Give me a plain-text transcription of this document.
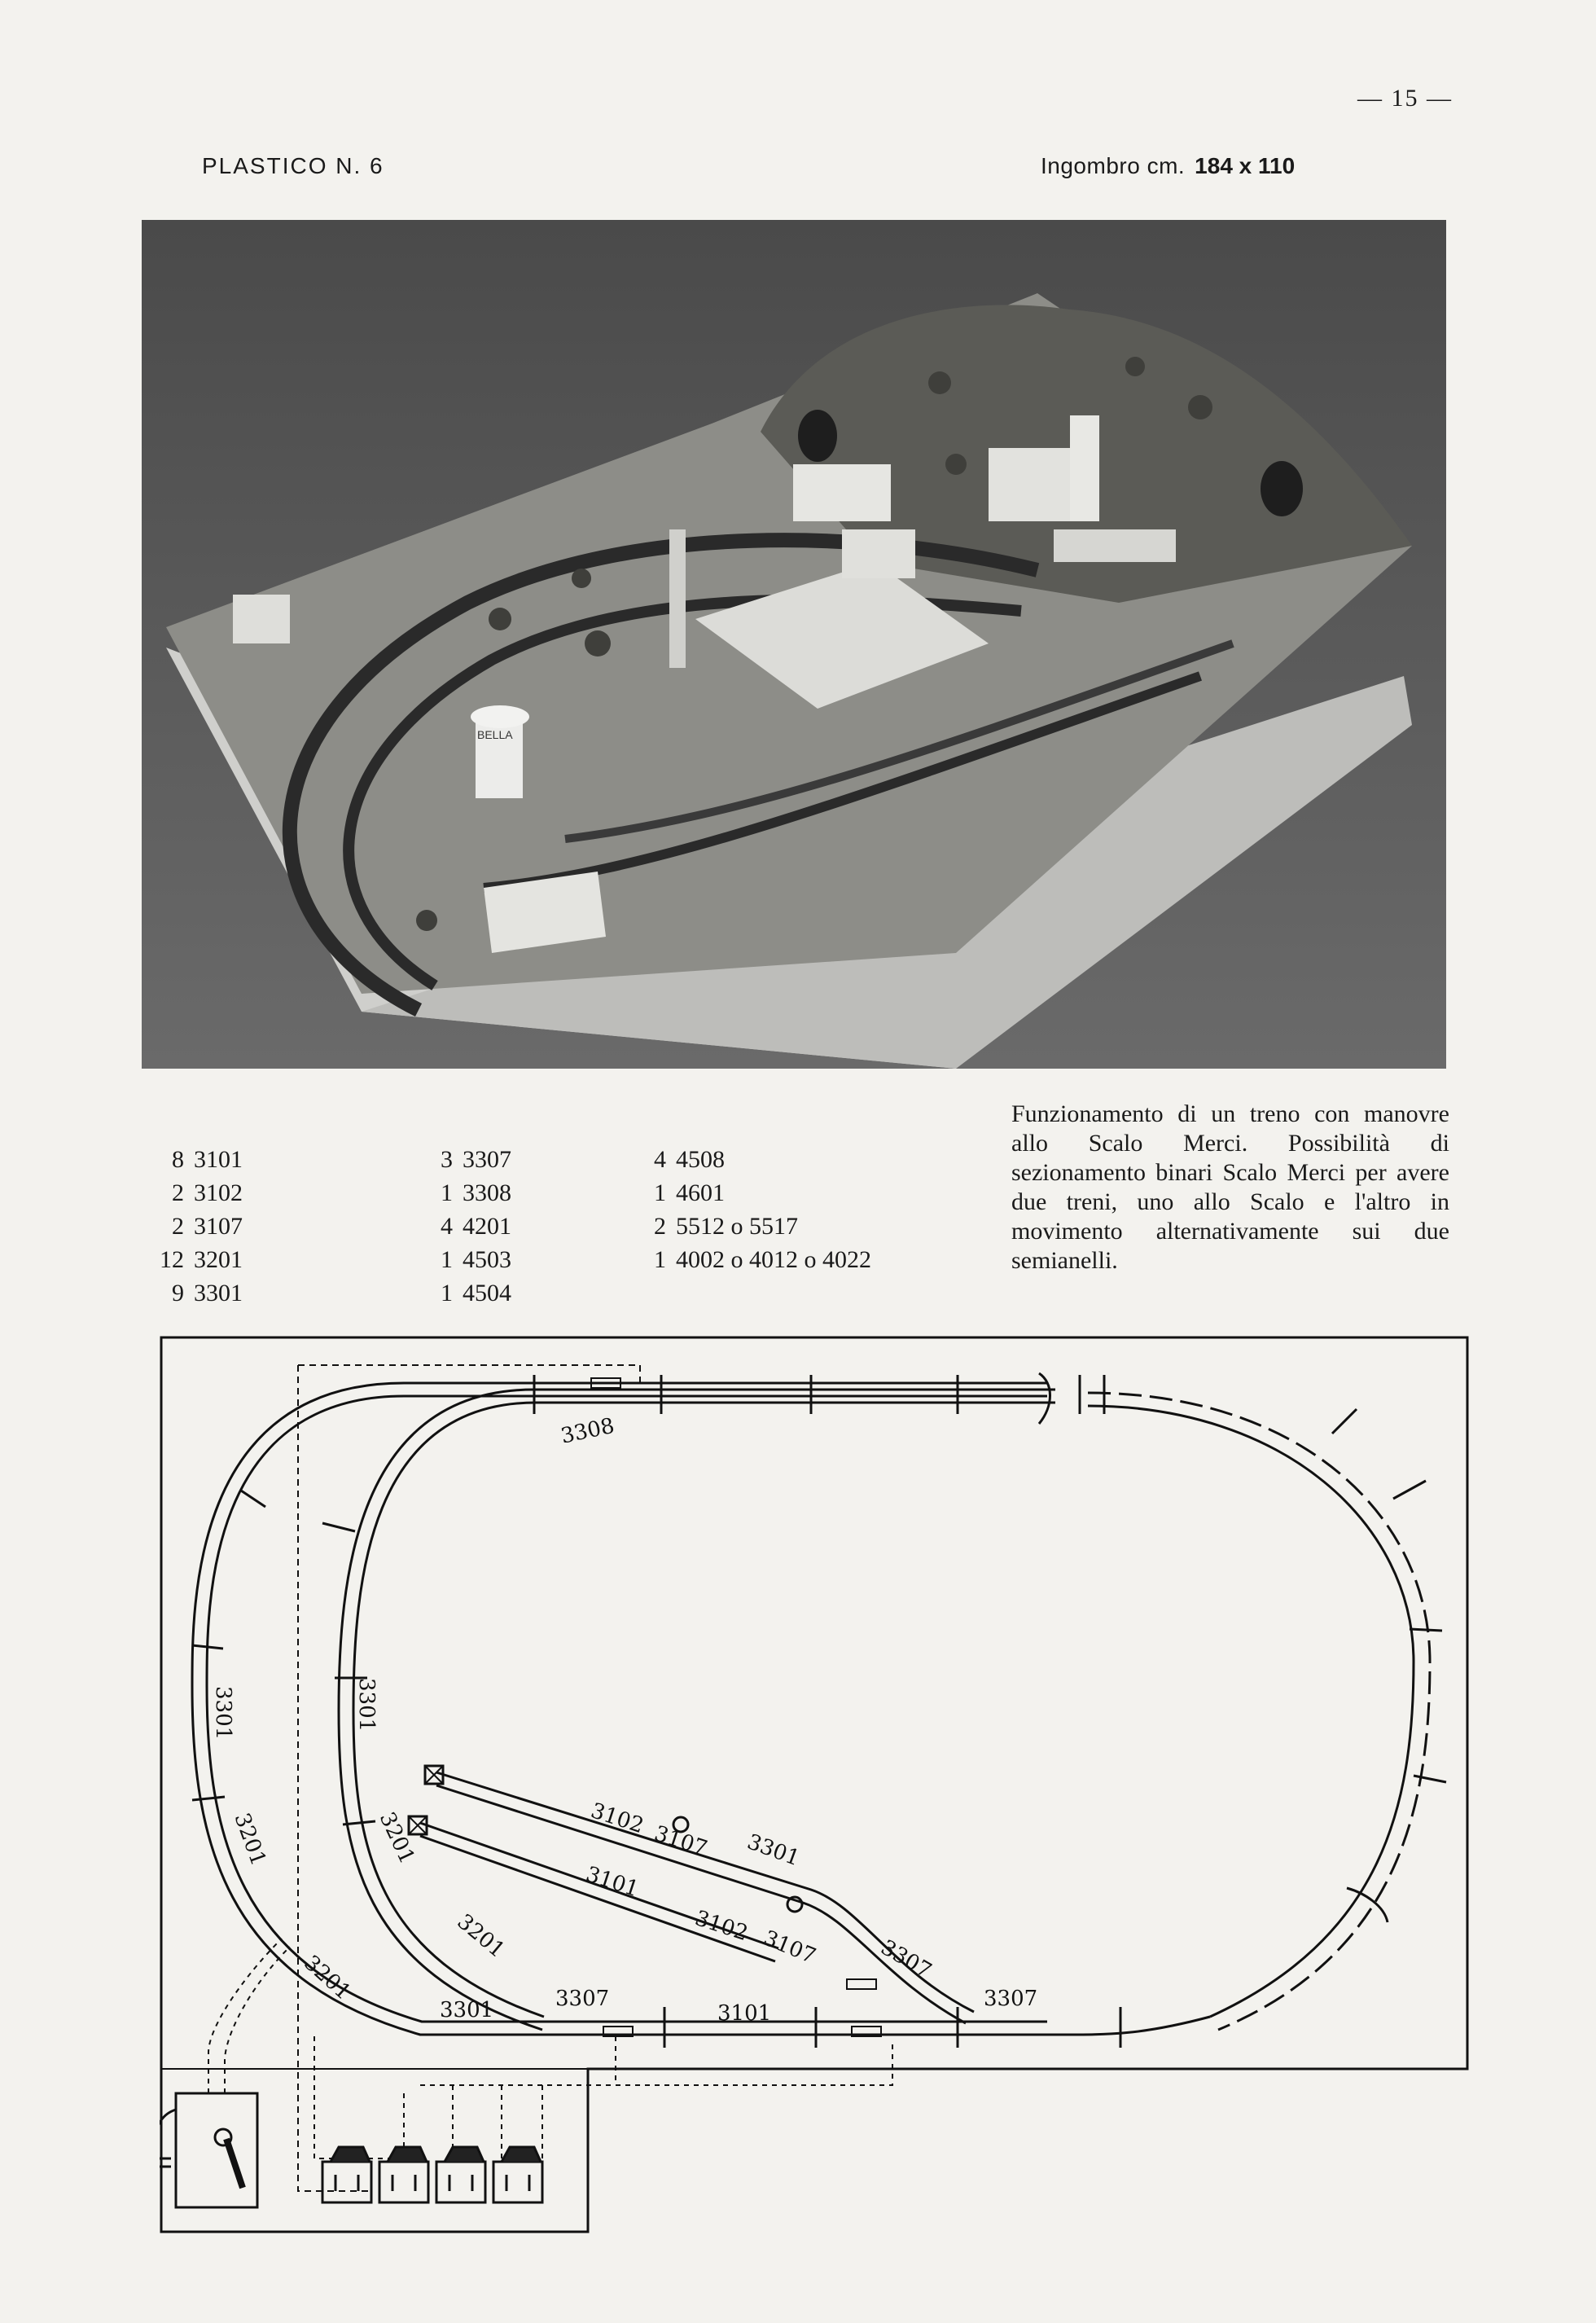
— 15 —
PLASTICO N. 6	Ingombro cm. 184 x 110
BELLA
8 3101
2 3102
2 3107
12 3201
9 3301
3 3307
1 3308
4 4201
1 4503
1 4504
4 4508
1 4601
2 5512 o 5517
1 4002 o 4012 o 4022

Funzionamento di un treno con manovre allo Scalo Merci. Possibilità di sezionamento binari Scalo Merci per avere due treni, uno allo Scalo e l'altro in movimento alternativamente sui due semianelli.

3308
3301	3301
3201	3201
3201
3201
3301	3307
3101
3307
3307
3102
3107 3301
3101
3102
3107
